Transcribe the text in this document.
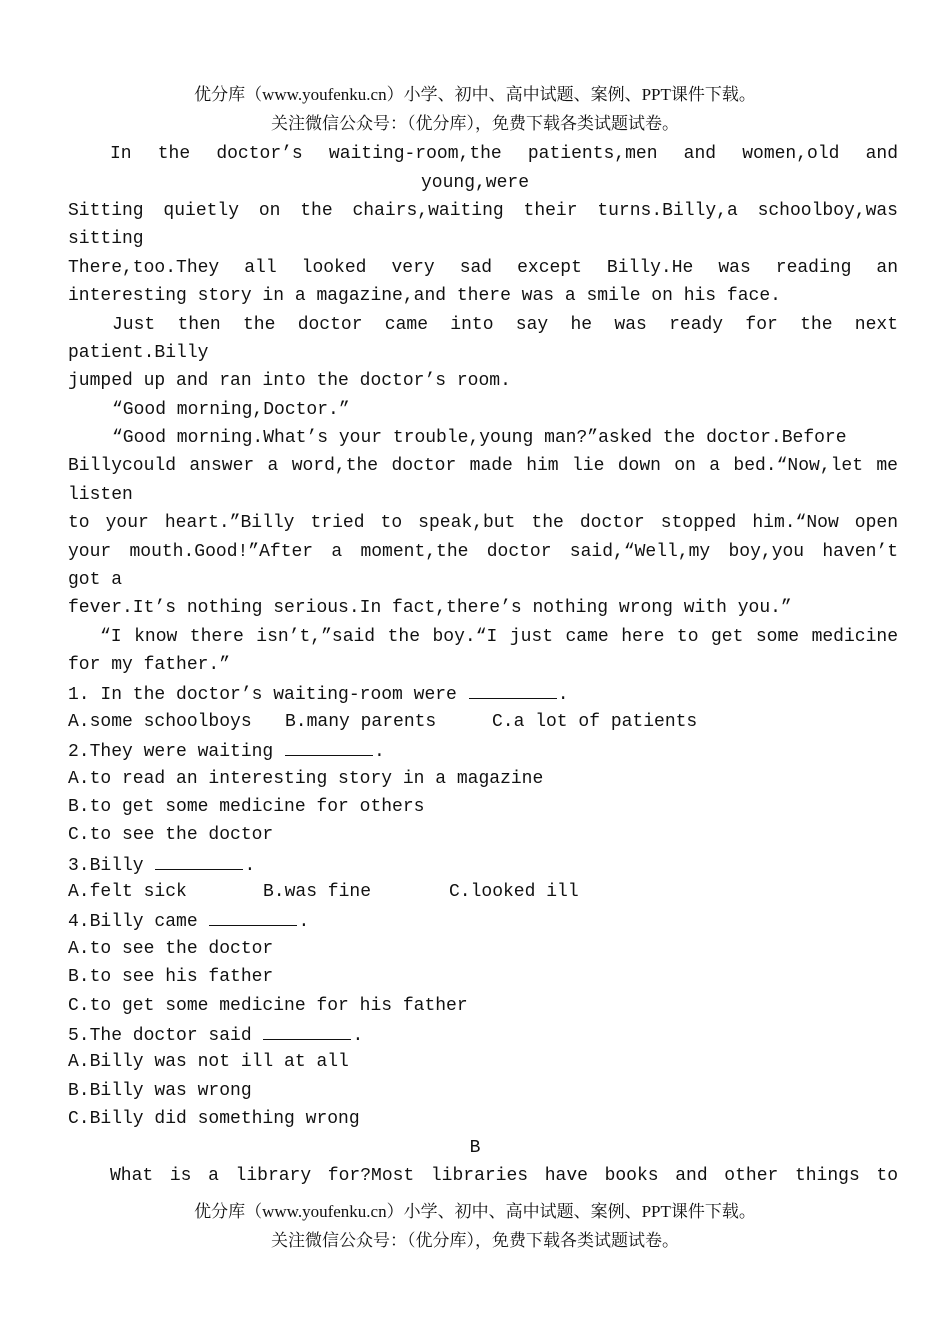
优分库（www.youfenku.cn）小学、初中、高中试题、案例、PPT课件下载。
关注微信公众号：（优分库），免费下载各类试题试卷。
In the doctor’s waiting-room,the patients,men and women,old and
young,were
Sitting quietly on the chairs,waiting their turns.Billy,a schoolboy,was
sitting
There,too.They all looked very sad except Billy.He was reading an
interesting story in a magazine,and there was a smile on his face.
Just then the doctor came into say he was ready for the next
patient.Billy
jumped up and ran into the doctor’s room.
“Good morning,Doctor.”
“Good morning.What’s your trouble,young man?”asked the doctor.Before
Billycould answer a word,the doctor made him lie down on a bed.“Now,let me
listen
to your heart.”Billy tried to speak,but the doctor stopped him.“Now open
your mouth.Good!”After a moment,the doctor said,“Well,my boy,you haven’t
got a
fever.It’s nothing serious.In fact,there’s nothing wrong with you.”
“I know there isn’t,”said the boy.“I just came here to get some medicine
for my father.”
1. In the doctor’s waiting-room were	.
A.some schoolboys B.many parents	C.a lot of patients
2.They were waiting	.
A.to read an interesting story in a magazine
B.to get some medicine for others
C.to see the doctor
3.Billy	.
A.felt sick	B.was fine	C.looked ill
4.Billy came	.
A.to see the doctor
B.to see his father
C.to get some medicine for his father
5.The doctor said	.
A.Billy was not ill at all
B.Billy was wrong
C.Billy did something wrong
B
What is a library for?Most libraries have books and other things to
优分库（www.youfenku.cn）小学、初中、高中试题、案例、PPT课件下载。
关注微信公众号：（优分库），免费下载各类试题试卷。
